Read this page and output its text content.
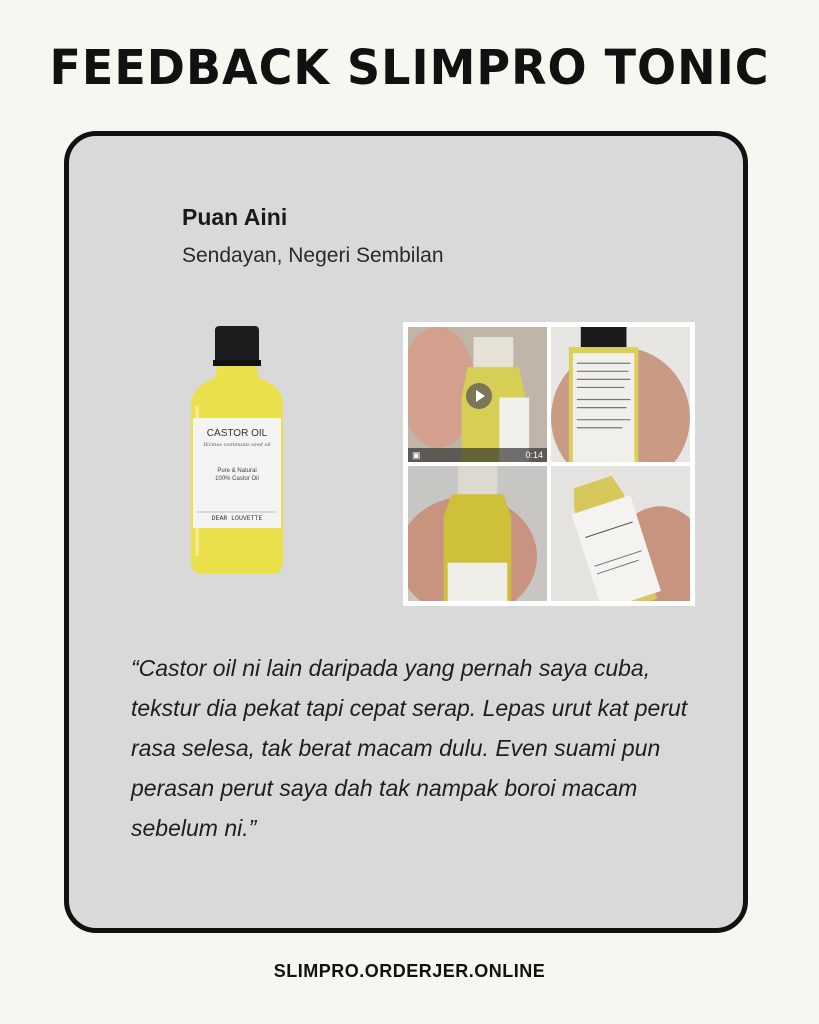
FEEDBACK SLIMPRO TONIC
Puan Aini
Sendayan, Negeri Sembilan
CASTOR OIL
Ricinus communis seed oil
Pure & Natural
100% Castor Oil
DEAR LOUVETTE
▣	0:14
“Castor oil ni lain daripada yang pernah saya cuba, tekstur dia pekat tapi cepat serap. Lepas urut kat perut rasa selesa, tak berat macam dulu. Even suami pun perasan perut saya dah tak nampak boroi macam sebelum ni.”
SLIMPRO.ORDERJER.ONLINE
